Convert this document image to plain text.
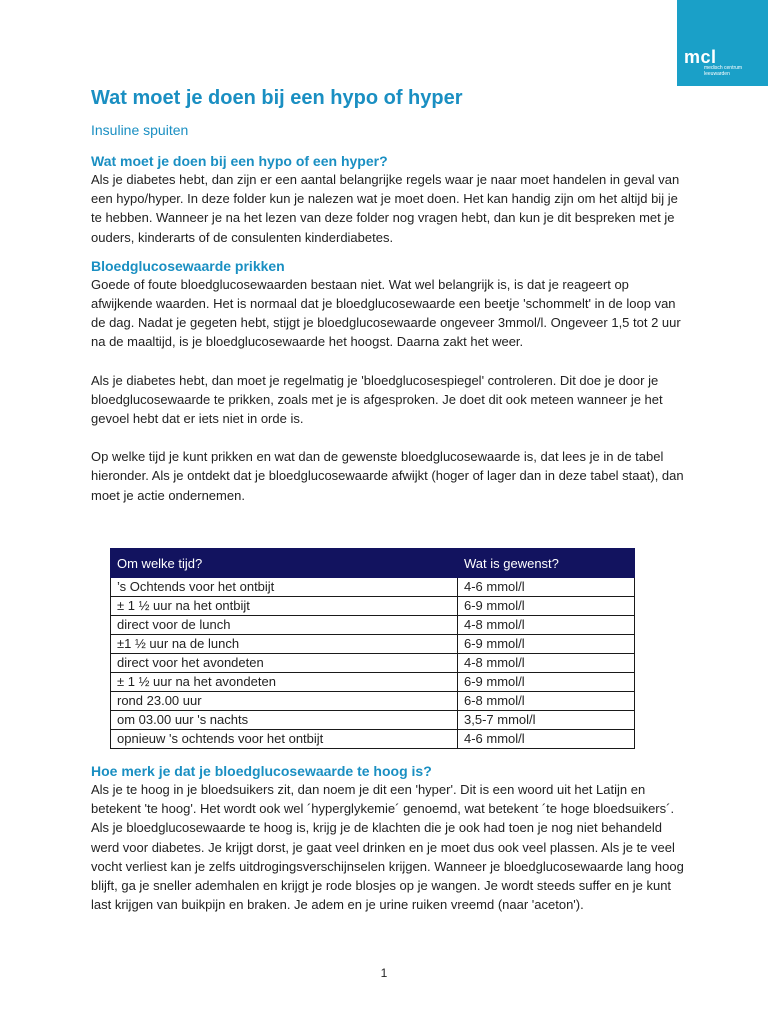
mcl
medisch centrum
leeuwarden
Wat moet je doen bij een hypo of hyper
Insuline spuiten
Wat moet je doen bij een hypo of een hyper?

Als je diabetes hebt, dan zijn er een aantal belangrijke regels waar je naar moet handelen in geval van een hypo/hyper. In deze folder kun je nalezen wat je moet doen. Het kan handig zijn om het altijd bij je te hebben. Wanneer je na het lezen van deze folder nog vragen hebt, dan kun je dit bespreken met je ouders, kinderarts of de consulenten kinderdiabetes.

Bloedglucosewaarde prikken

Goede of foute bloedglucosewaarden bestaan niet. Wat wel belangrijk is, is dat je reageert op afwijkende waarden. Het is normaal dat je bloedglucosewaarde een beetje 'schommelt' in de loop van de dag. Nadat je gegeten hebt, stijgt je bloedglucosewaarde ongeveer 3mmol/l. Ongeveer 1,5 tot 2 uur na de maaltijd, is je bloedglucosewaarde het hoogst. Daarna zakt het weer.

Als je diabetes hebt, dan moet je regelmatig je 'bloedglucosespiegel' controleren. Dit doe je door je bloedglucosewaarde te prikken, zoals met je is afgesproken. Je doet dit ook meteen wanneer je het gevoel hebt dat er iets niet in orde is.

Op welke tijd je kunt prikken en wat dan de gewenste bloedglucosewaarde is, dat lees je in de tabel hieronder. Als je ontdekt dat je bloedglucosewaarde afwijkt (hoger of lager dan in deze tabel staat), dan moet je actie ondernemen.

Om welke tijd?	Wat is gewenst?
’s Ochtends voor het ontbijt	4-6 mmol/l
± 1 ½ uur na het ontbijt	6-9 mmol/l
direct voor de lunch	4-8 mmol/l
±1 ½ uur na de lunch	6-9 mmol/l
direct voor het avondeten	4-8 mmol/l
± 1 ½ uur na het avondeten	6-9 mmol/l
rond 23.00 uur	6-8 mmol/l
om 03.00 uur 's nachts	3,5-7 mmol/l
opnieuw 's ochtends voor het ontbijt	4-6 mmol/l
Hoe merk je dat je bloedglucosewaarde te hoog is?

Als je te hoog in je bloedsuikers zit, dan noem je dit een 'hyper'. Dit is een woord uit het Latijn en betekent 'te hoog'. Het wordt ook wel ´hyperglykemie´ genoemd, wat betekent ´te hoge bloedsuikers´. Als je bloedglucosewaarde te hoog is, krijg je de klachten die je ook had toen je nog niet behandeld werd voor diabetes. Je krijgt dorst, je gaat veel drinken en je moet dus ook veel plassen. Als je te veel vocht verliest kan je zelfs uitdrogingsverschijnselen krijgen. Wanneer je bloedglucosewaarde lang hoog blijft, ga je sneller ademhalen en krijgt je rode blosjes op je wangen. Je wordt steeds suffer en je kunt last krijgen van buikpijn en braken. Je adem en je urine ruiken vreemd (naar 'aceton').

1
